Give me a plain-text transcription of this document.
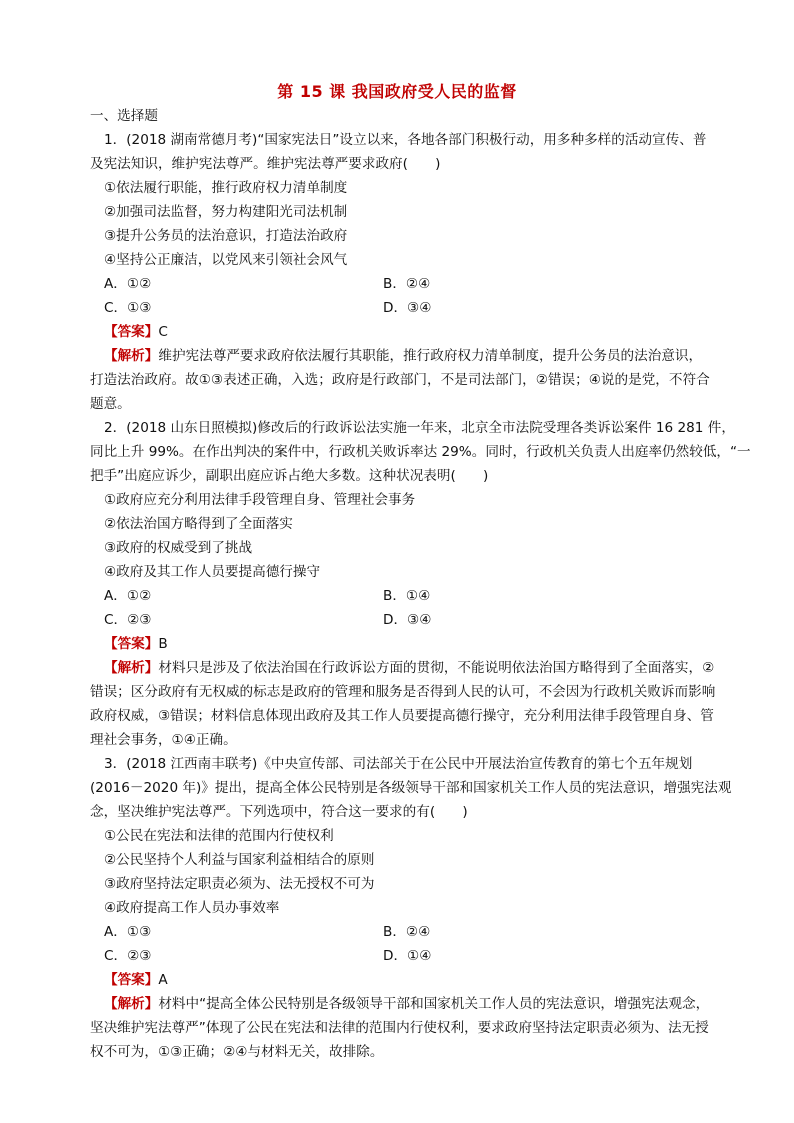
第 15 课 我国政府受人民的监督
一、选择题
1．(2018 湖南常德月考)“国家宪法日”设立以来，各地各部门积极行动，用多种多样的活动宣传、普
及宪法知识，维护宪法尊严。维护宪法尊严要求政府(　　)
①依法履行职能，推行政府权力清单制度
②加强司法监督，努力构建阳光司法机制
③提升公务员的法治意识，打造法治政府
④坚持公正廉洁，以党风来引领社会风气
A．①②	B．②④
C．①③	D．③④
【答案】C
【解析】维护宪法尊严要求政府依法履行其职能，推行政府权力清单制度，提升公务员的法治意识，
打造法治政府。故①③表述正确，入选；政府是行政部门，不是司法部门，②错误；④说的是党，不符合
题意。
2．(2018 山东日照模拟)修改后的行政诉讼法实施一年来，北京全市法院受理各类诉讼案件 16 281 件，
同比上升 99%。在作出判决的案件中，行政机关败诉率达 29%。同时，行政机关负责人出庭率仍然较低，“一
把手”出庭应诉少，副职出庭应诉占绝大多数。这种状况表明(　　)
①政府应充分利用法律手段管理自身、管理社会事务
②依法治国方略得到了全面落实
③政府的权威受到了挑战
④政府及其工作人员要提高德行操守
A．①②	B．①④
C．②③	D．③④
【答案】B
【解析】材料只是涉及了依法治国在行政诉讼方面的贯彻，不能说明依法治国方略得到了全面落实，②
错误；区分政府有无权威的标志是政府的管理和服务是否得到人民的认可，不会因为行政机关败诉而影响
政府权威，③错误；材料信息体现出政府及其工作人员要提高德行操守，充分利用法律手段管理自身、管
理社会事务，①④正确。
3．(2018 江西南丰联考)《中央宣传部、司法部关于在公民中开展法治宣传教育的第七个五年规划
(2016－2020 年)》提出，提高全体公民特别是各级领导干部和国家机关工作人员的宪法意识，增强宪法观
念，坚决维护宪法尊严。下列选项中，符合这一要求的有(　　)
①公民在宪法和法律的范围内行使权利
②公民坚持个人利益与国家利益相结合的原则
③政府坚持法定职责必须为、法无授权不可为
④政府提高工作人员办事效率
A．①③	B．②④
C．②③	D．①④
【答案】A
【解析】材料中“提高全体公民特别是各级领导干部和国家机关工作人员的宪法意识，增强宪法观念，
坚决维护宪法尊严”体现了公民在宪法和法律的范围内行使权利，要求政府坚持法定职责必须为、法无授
权不可为，①③正确；②④与材料无关，故排除。
